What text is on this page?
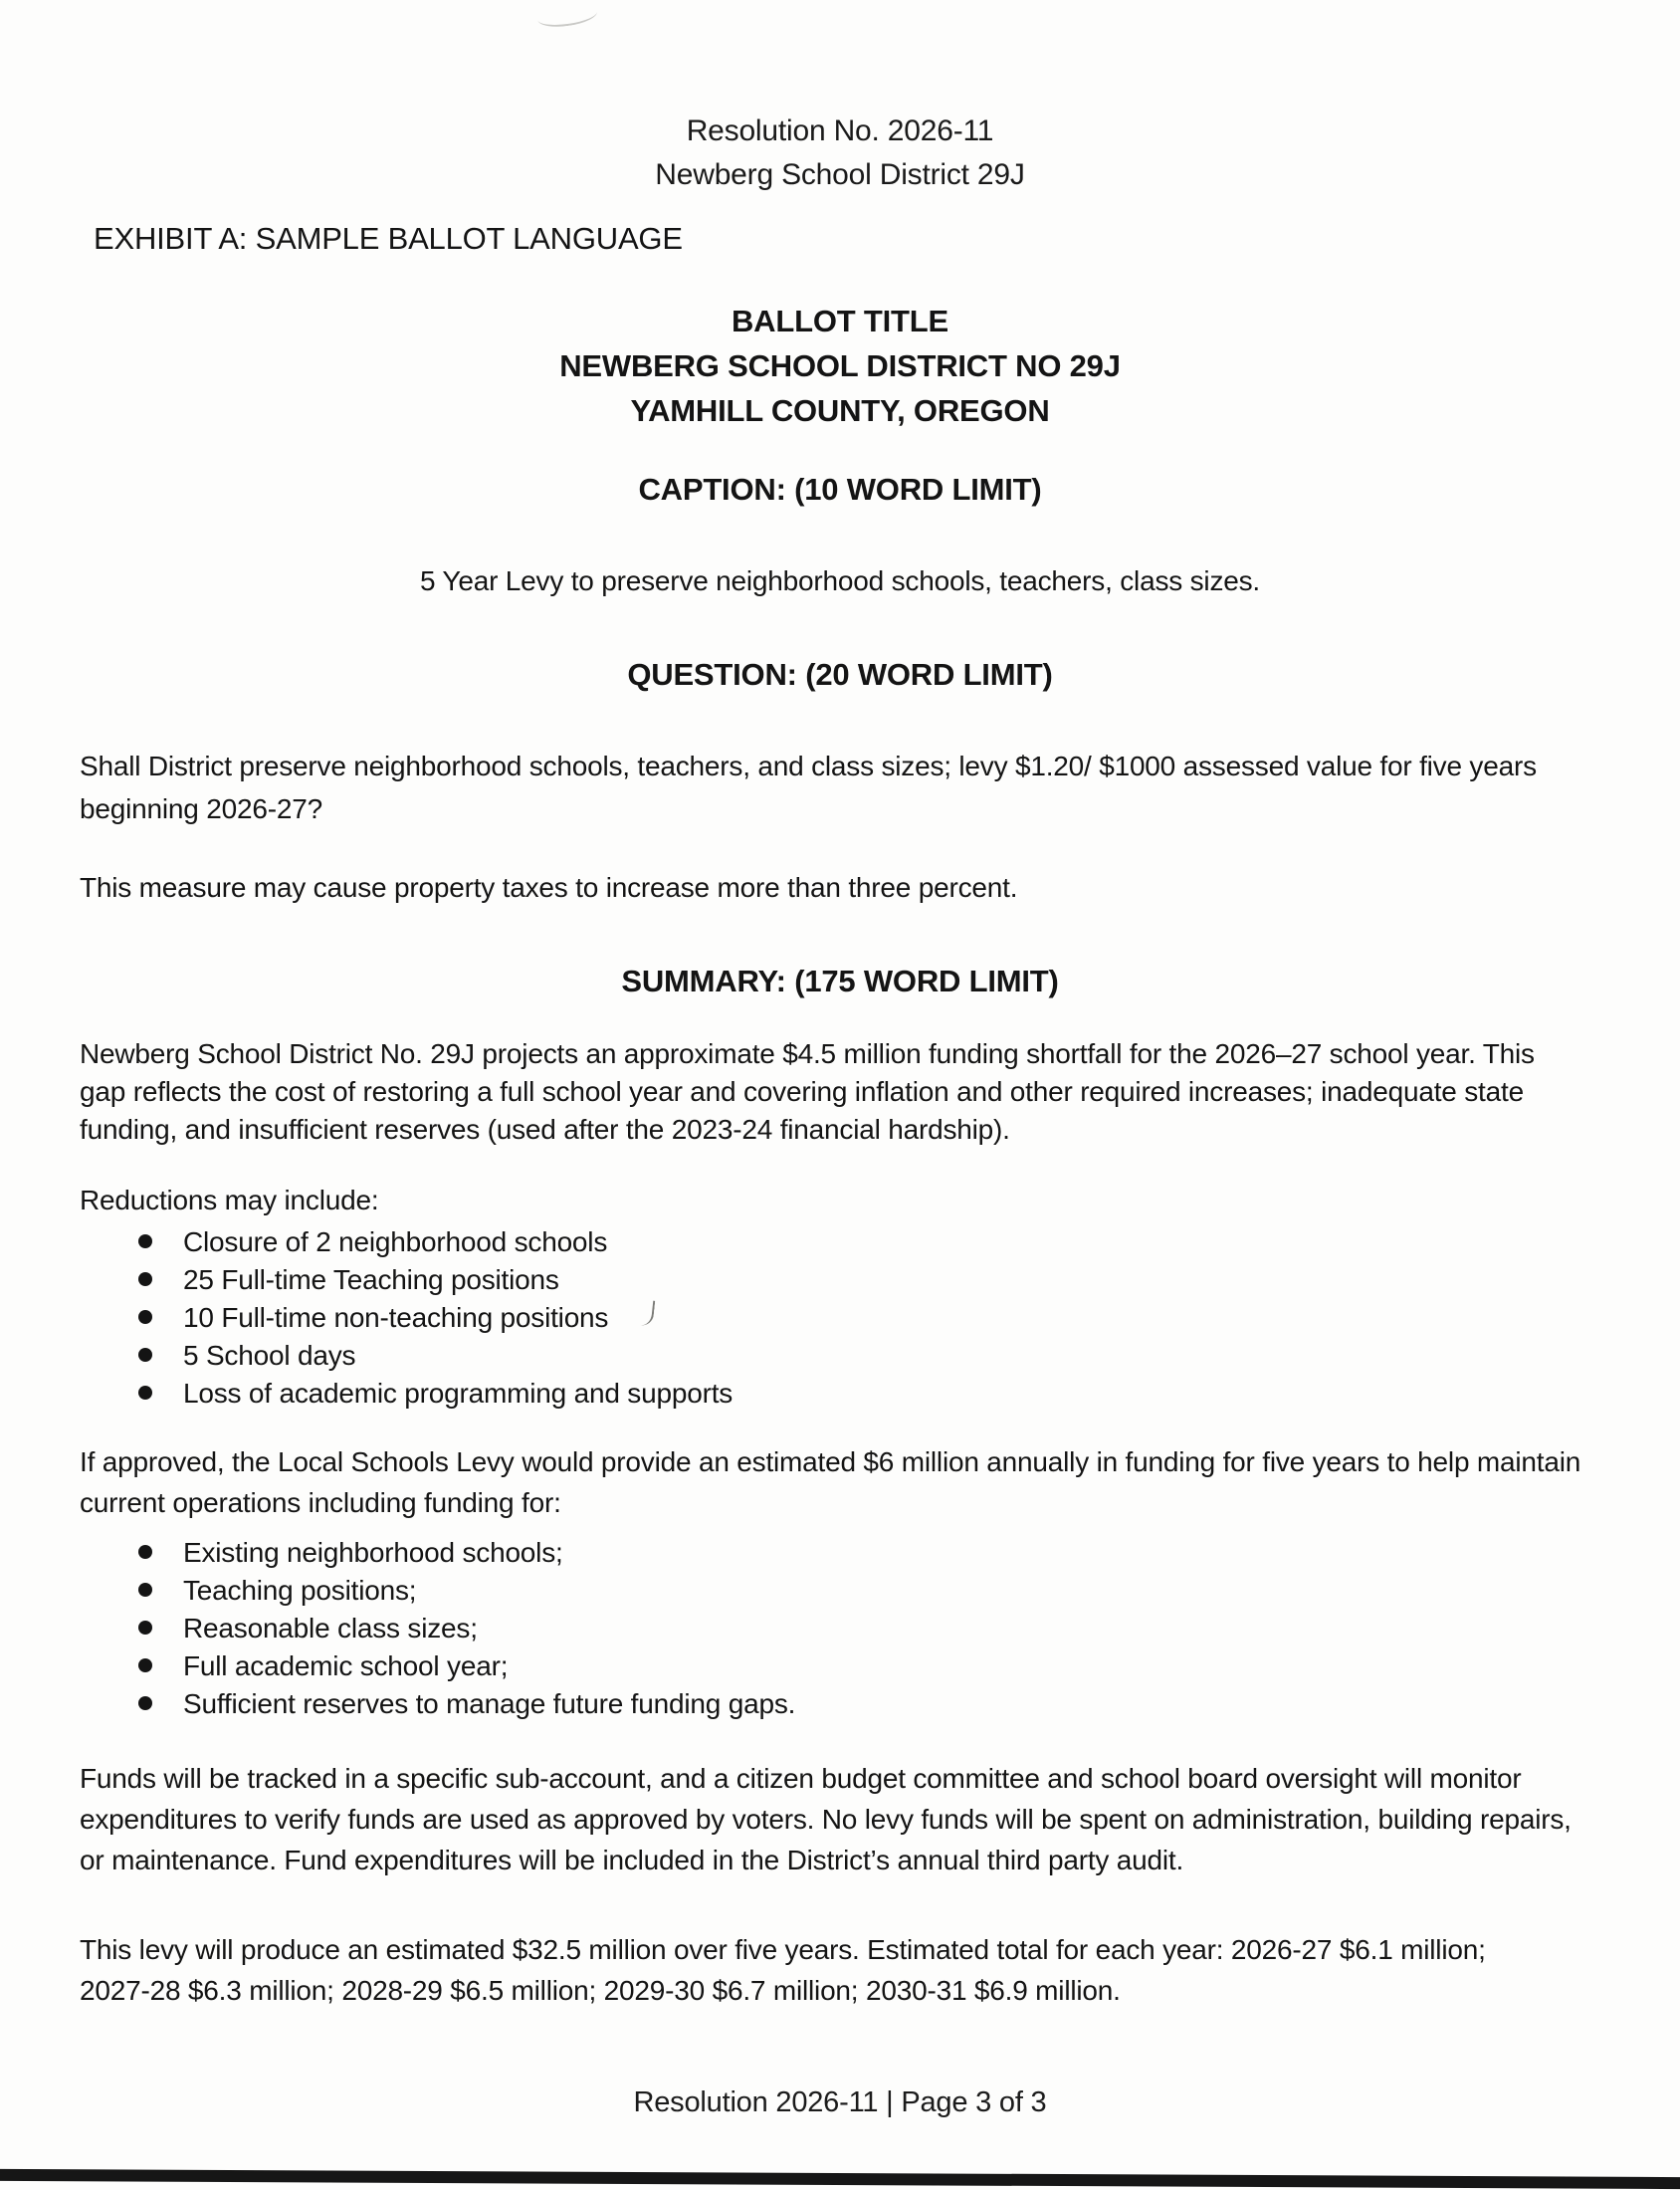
Resolution No. 2026-11
Newberg School District 29J
EXHIBIT A: SAMPLE BALLOT LANGUAGE
BALLOT TITLE
NEWBERG SCHOOL DISTRICT NO 29J
YAMHILL COUNTY, OREGON
CAPTION: (10 WORD LIMIT)
5 Year Levy to preserve neighborhood schools, teachers, class sizes.
QUESTION: (20 WORD LIMIT)
Shall District preserve neighborhood schools, teachers, and class sizes; levy $1.20/ $1000 assessed value for five years
beginning 2026-27?
This measure may cause property taxes to increase more than three percent.
SUMMARY: (175 WORD LIMIT)
Newberg School District No. 29J projects an approximate $4.5 million funding shortfall for the 2026–27 school year. This
gap reflects the cost of restoring a full school year and covering inflation and other required increases; inadequate state
funding, and insufficient reserves (used after the 2023-24 financial hardship).
Reductions may include:
Closure of 2 neighborhood schools
25 Full-time Teaching positions
10 Full-time non-teaching positions
5 School days
Loss of academic programming and supports
If approved, the Local Schools Levy would provide an estimated $6 million annually in funding for five years to help maintain
current operations including funding for:
Existing neighborhood schools;
Teaching positions;
Reasonable class sizes;
Full academic school year;
Sufficient reserves to manage future funding gaps.
Funds will be tracked in a specific sub-account, and a citizen budget committee and school board oversight will monitor
expenditures to verify funds are used as approved by voters. No levy funds will be spent on administration, building repairs,
or maintenance. Fund expenditures will be included in the District’s annual third party audit.
This levy will produce an estimated $32.5 million over five years. Estimated total for each year: 2026-27 $6.1 million;
2027-28 $6.3 million; 2028-29 $6.5 million; 2029-30 $6.7 million; 2030-31 $6.9 million.
Resolution 2026-11 | Page 3 of 3
